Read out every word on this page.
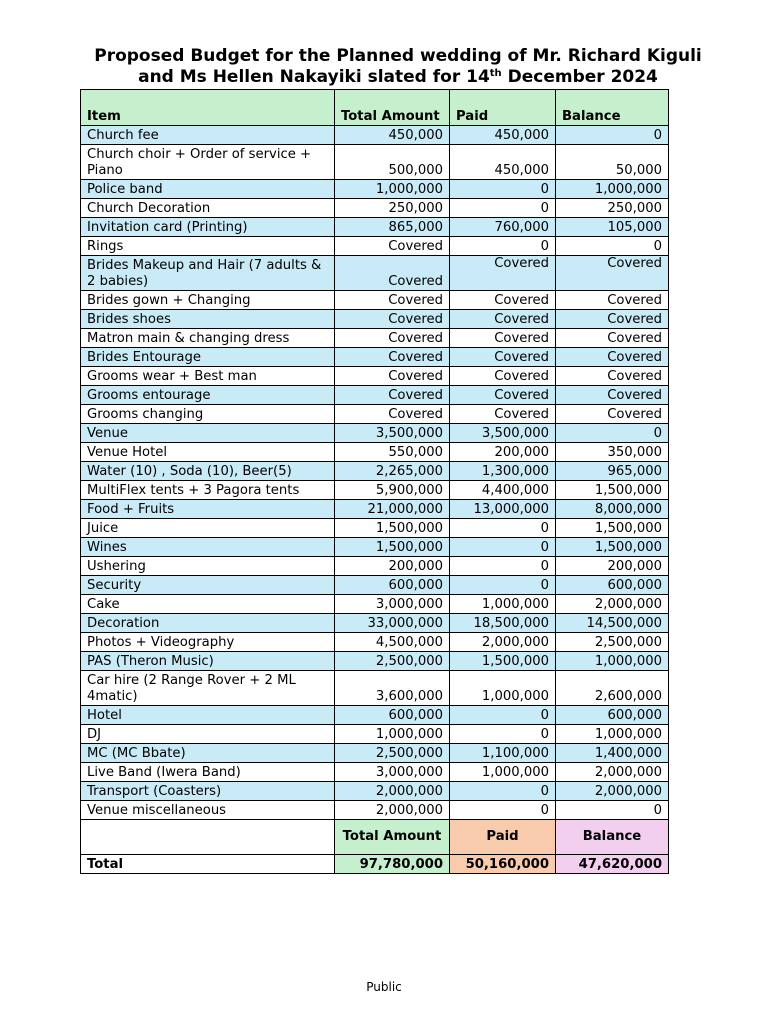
Proposed Budget for the Planned wedding of Mr. Richard Kiguli
and Ms Hellen Nakayiki slated for 14th December 2024
Item	Total Amount	Paid	Balance
Church fee	450,000	450,000	0
Church choir + Order of service + Piano	500,000	450,000	50,000
Police band	1,000,000	0	1,000,000
Church Decoration	250,000	0	250,000
Invitation card (Printing)	865,000	760,000	105,000
Rings	Covered	0	0
Brides Makeup and Hair (7 adults & 2 babies)	Covered	Covered	Covered
Brides gown + Changing	Covered	Covered	Covered
Brides shoes	Covered	Covered	Covered
Matron main & changing dress	Covered	Covered	Covered
Brides Entourage	Covered	Covered	Covered
Grooms wear + Best man	Covered	Covered	Covered
Grooms entourage	Covered	Covered	Covered
Grooms changing	Covered	Covered	Covered
Venue	3,500,000	3,500,000	0
Venue Hotel	550,000	200,000	350,000
Water (10) , Soda (10), Beer(5)	2,265,000	1,300,000	965,000
MultiFlex tents + 3 Pagora tents	5,900,000	4,400,000	1,500,000
Food + Fruits	21,000,000	13,000,000	8,000,000
Juice	1,500,000	0	1,500,000
Wines	1,500,000	0	1,500,000
Ushering	200,000	0	200,000
Security	600,000	0	600,000
Cake	3,000,000	1,000,000	2,000,000
Decoration	33,000,000	18,500,000	14,500,000
Photos + Videography	4,500,000	2,000,000	2,500,000
PAS (Theron Music)	2,500,000	1,500,000	1,000,000
Car hire (2 Range Rover + 2 ML 4matic)	3,600,000	1,000,000	2,600,000
Hotel	600,000	0	600,000
DJ	1,000,000	0	1,000,000
MC (MC Bbate)	2,500,000	1,100,000	1,400,000
Live Band (Iwera Band)	3,000,000	1,000,000	2,000,000
Transport (Coasters)	2,000,000	0	2,000,000
Venue miscellaneous	2,000,000	0	0
	Total Amount	Paid	Balance
Total	97,780,000	50,160,000	47,620,000
Public
